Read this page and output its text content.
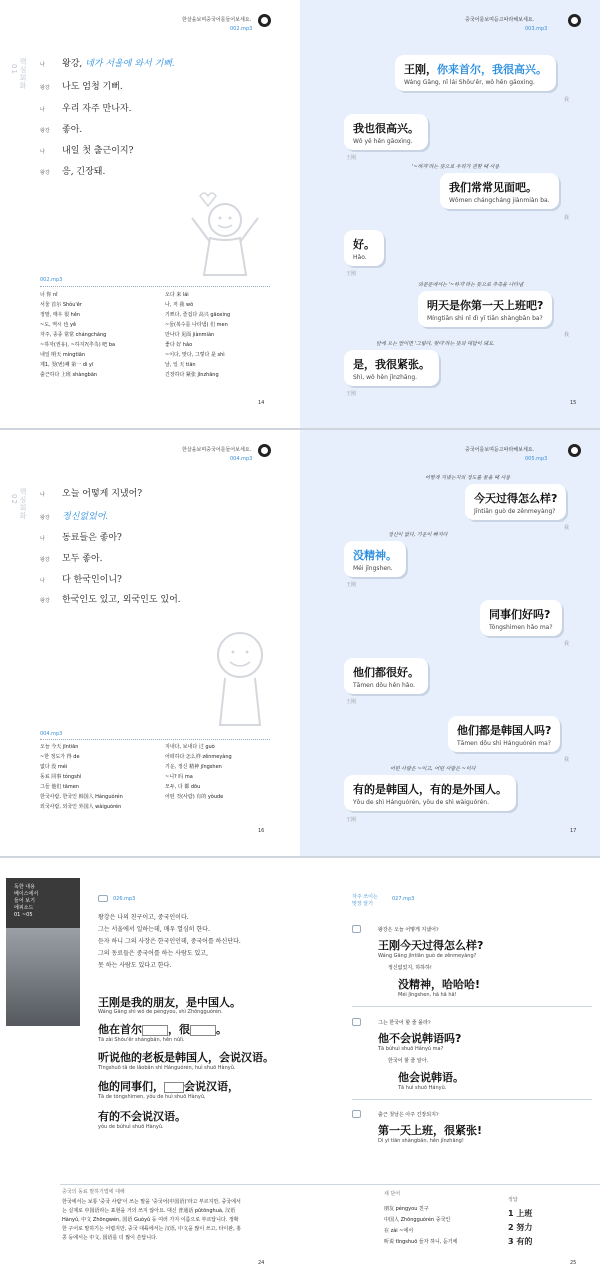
한살을보며중국어를들어보세요.
002.mp3
핵심회화
01	나 왕강, 네가 서울에 와서 기뻐.
왕강 나도 엄청 기뻐.
나 우리 자주 만나자.
왕강 좋아.
나 내일 첫 출근이지?
왕강 응, 긴장돼.
002.mp3
너 你 nǐ
서울 首尔 Shǒu'ěr
정말, 매우 很 hěn
~도, 역시 也 yě
자주, 종종 常常 chángcháng
~하자(권유), ~하지?(추측) 吧 ba
내일 明天 míngtiān
제1, 첫(번)째 第一 dì yī
출근하다 上班 shàngbān
오다 来 lái
나, 저 我 wǒ
기쁘다, 즐겁다 高兴 gāoxìng
~들(복수를 나타냄) 们 men
만나다 见面 jiànmiàn
좋다 好 hǎo
~이다, 맞다, 그렇다 是 shì
날, 일 天 tiān
긴장하다 紧张 jǐnzhāng
14
중국어를보며듣고따라해보세요.
003.mp3
王刚，你来首尔，我很高兴。
Wáng Gāng, nǐ lái Shǒu'ěr, wǒ hěn gāoxìng.
我
我也很高兴。
Wǒ yě hěn gāoxìng.
王刚
'~하자'라는 뜻으로 우리가 권할 때 사용
我们常常见面吧。
Wǒmen chángcháng jiànmiàn ba.
我
好。
Hǎo.
王刚
의문문에서는 '~하지'라는 뜻으로 추측을 나타냄
明天是你第一天上班吧?
Míngtiān shì nǐ dì yī tiān shàngbān ba?
我
앞에 오는 말이면 '그렇다, 맞다'라는 뜻의 대답이 돼요.
是，我很紧张。
Shì, wǒ hěn jǐnzhāng.
王刚
15
한살을보며중국어를들어보세요.
004.mp3
핵심회화
02	나 오늘 어떻게 지냈어?
왕강 정신없었어.
나 동료들은 좋아?
왕강 모두 좋아.
나 다 한국인이니?
왕강 한국인도 있고, 외국인도 있어.
004.mp3
오늘 今天 jīntiān
~한 정도가 得 de
없다 没 méi
동료 同事 tóngshì
그들 他们 tāmen
한국사람, 한국인 韩国人 Hánguórén
외국사람, 외국인 外国人 wàiguórén
지내다, 보내다 过 guò
어떠하다 怎么样 zěnmeyàng
기운, 정신 精神 jīngshen
~니? 吗 ma
모두, 다 都 dōu
어떤 것(사람) 有的 yǒude
16
중국어를보며듣고따라해보세요.
005.mp3
어떻게 지냈는지의 정도를 물을 때 사용
今天过得怎么样?
Jīntiān guò de zěnmeyàng?
我
정신이 없다, 기운이 빠지다
没精神。
Méi jīngshen.
王刚
同事们好吗?
Tóngshìmen hǎo ma?
我
他们都很好。
Tāmen dōu hěn hǎo.
王刚
他们都是韩国人吗?
Tāmen dōu shì Hánguórén ma?
我
어떤 사람은 ~이고, 어떤 사람은 ~이다
有的是韩国人，有的是外国人。
Yǒu de shì Hánguórén, yǒu de shì wàiguórén.
王刚
17
독한 내용
베이스에서
들어 보기
에피소드
01 ~05
026.mp3
왕강은 나의 친구이고, 중국인이다.
그는 서울에서 일하는데, 매우 열심히 한다.
듣자 하니 그의 사장은 한국인인데, 중국어를 하신단다.
그의 동료들은 중국어를 하는 사람도 있고,
못 하는 사람도 있다고 한다.
王刚是我的朋友，是中国人。
Wáng Gāng shì wǒ de péngyou, shì Zhōngguórén.
他在首尔 ，很 。
Tā zài Shǒu'ěr shàngbān, hěn nǔlì.
听说他的老板是韩国人，会说汉语。
Tīngshuō tā de lǎobǎn shì Hánguórén, huì shuō Hànyǔ.
他的同事们， 会说汉语，
Tā de tóngshìmen, yǒu de huì shuō Hànyǔ,
有的不会说汉语。
yǒu de búhuì shuō Hànyǔ.
자주 쓰이는
맞장 알기
027.mp3
왕강은 오늘 어떻게 지냈어?
王刚今天过得怎么样?
Wáng Gāng jīntiān guò de zěnmeyàng?
정신없었지, 하하하!
没精神，哈哈哈!
Méi jīngshen, hā hā hā!
그는 한국어 할 줄 몰라?
他不会说韩语吗?
Tā búhuì shuō Hányǔ ma?
한국어 할 줄 알아.
他会说韩语。
Tā huì shuō Hányǔ.
출근 첫날은 아주 긴장되지?
第一天上班，很紧张!
Dì yī tiān shàngbān, hěn jǐnzhāng!
중국의 동료 말하기법에 대해
한국에서는 보통 '중국 사람'이 쓰는 말을 '중국어(中国语)'라고 부르지만, 중국에서
는 실제로 中国语라는 표현을 거의 쓰지 않아요. 대신 普通话 pǔtōnghuà, 汉语
Hànyǔ, 中文 Zhōngwén, 国语 Guóyǔ 등 여러 가지 이름으로 부르답니다. 정확
한 구어로 말하기는 어렵지만, 중국 대륙에서는 汉语, 中文을 많이 쓰고, 타이완, 홍
콩 등에서는 中文, 国语를 더 많이 쓴답니다.
새 단어
朋友 péngyou 친구
中国人 Zhōngguórén 중국인
在 zài ~에서
听说 tīngshuō 들자 하니, 듣기에
정답
1 上班
2 努力
3 有的
24	25
